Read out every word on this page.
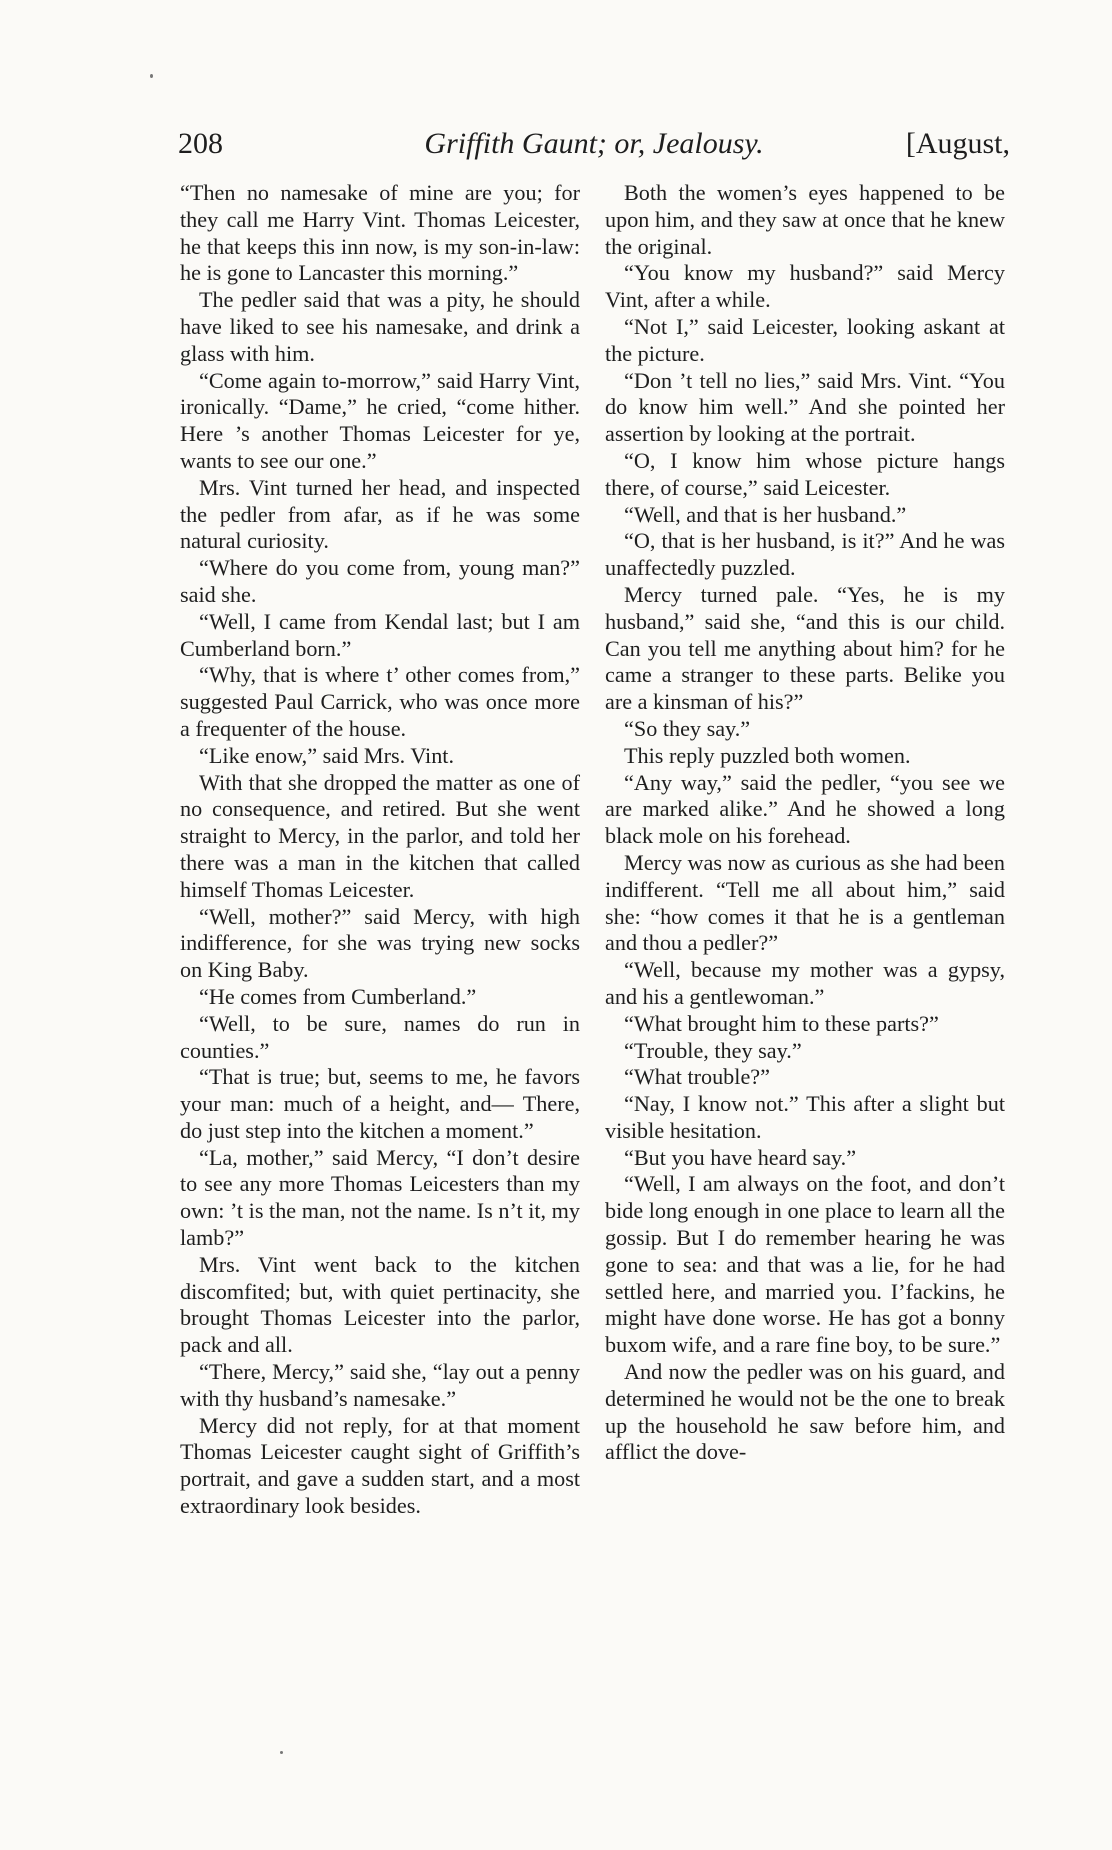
208	Griffith Gaunt; or, Jealousy.	[August,

“Then no namesake of mine are you; for they call me Harry Vint. Thomas Leicester, he that keeps this inn now, is my son-in-law: he is gone to Lancaster this morning.”

The pedler said that was a pity, he should have liked to see his namesake, and drink a glass with him.

“Come again to-morrow,” said Harry Vint, ironically. “Dame,” he cried, “come hither. Here ’s another Thomas Leicester for ye, wants to see our one.”

Mrs. Vint turned her head, and inspected the pedler from afar, as if he was some natural curiosity.

“Where do you come from, young man?” said she.

“Well, I came from Kendal last; but I am Cumberland born.”

“Why, that is where t’ other comes from,” suggested Paul Carrick, who was once more a frequenter of the house.

“Like enow,” said Mrs. Vint.

With that she dropped the matter as one of no consequence, and retired. But she went straight to Mercy, in the parlor, and told her there was a man in the kitchen that called himself Thomas Leicester.

“Well, mother?” said Mercy, with high indifference, for she was trying new socks on King Baby.

“He comes from Cumberland.”

“Well, to be sure, names do run in counties.”

“That is true; but, seems to me, he favors your man: much of a height, and— There, do just step into the kitchen a moment.”

“La, mother,” said Mercy, “I don’t desire to see any more Thomas Leicesters than my own: ’t is the man, not the name. Is n’t it, my lamb?”

Mrs. Vint went back to the kitchen discomfited; but, with quiet pertinacity, she brought Thomas Leicester into the parlor, pack and all.

“There, Mercy,” said she, “lay out a penny with thy husband’s namesake.”

Mercy did not reply, for at that moment Thomas Leicester caught sight of Griffith’s portrait, and gave a sudden start, and a most extraordinary look besides.

Both the women’s eyes happened to be upon him, and they saw at once that he knew the original.

“You know my husband?” said Mercy Vint, after a while.

“Not I,” said Leicester, looking askant at the picture.

“Don ’t tell no lies,” said Mrs. Vint. “You do know him well.” And she pointed her assertion by looking at the portrait.

“O, I know him whose picture hangs there, of course,” said Leicester.

“Well, and that is her husband.”

“O, that is her husband, is it?” And he was unaffectedly puzzled.

Mercy turned pale. “Yes, he is my husband,” said she, “and this is our child. Can you tell me anything about him? for he came a stranger to these parts. Belike you are a kinsman of his?”

“So they say.”

This reply puzzled both women.

“Any way,” said the pedler, “you see we are marked alike.” And he showed a long black mole on his forehead.

Mercy was now as curious as she had been indifferent. “Tell me all about him,” said she: “how comes it that he is a gentleman and thou a pedler?”

“Well, because my mother was a gypsy, and his a gentlewoman.”

“What brought him to these parts?”

“Trouble, they say.”

“What trouble?”

“Nay, I know not.” This after a slight but visible hesitation.

“But you have heard say.”

“Well, I am always on the foot, and don’t bide long enough in one place to learn all the gossip. But I do remember hearing he was gone to sea: and that was a lie, for he had settled here, and married you. I’fackins, he might have done worse. He has got a bonny buxom wife, and a rare fine boy, to be sure.”

And now the pedler was on his guard, and determined he would not be the one to break up the household he saw before him, and afflict the dove-
